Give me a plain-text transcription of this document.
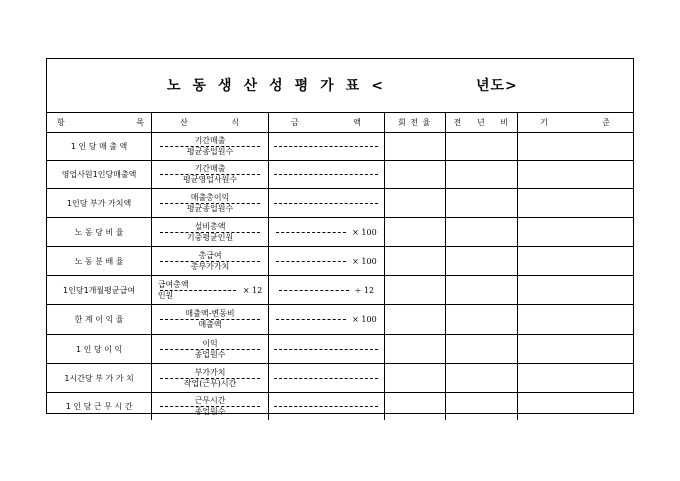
노동생산성평가표<	년도>
항 목	산 식	금 액	회 전 율	전 년 비	기 준

1 인 당 매 출 액	$\frac{\text{기간매출}}{\text{평균종업원수}}$

영업사원1인당매출액	$\frac{\text{기간매출}}{\text{평균영업사원수}}$

1인당 부가 가치액	$\frac{\text{매출총이익}}{\text{평균종업원수}}$

노 동 당 비 율	$\frac{\text{설비총액}}{\text{기중평균인원}}$	× 100			

노 동 분 배 율	$\frac{\text{총급여}}{\text{총부가가치}}$	× 100			

1인당1개월평균급여	$\frac{\text{급여총액}}{\text{인원}} \times 12$	÷ 12			

한 계 이 익 율	$\frac{\text{매출액-변동비}}{\text{매출액}}$	× 100			

1 인 당 이 익	$\frac{\text{이익}}{\text{종업원수}}$

1시간당 부 가 가 치	$\frac{\text{부가가치}}{\text{작업(근무)시간}}$

1 인 당 근 무 시 간	$\frac{\text{근무시간}}{\text{종업원수}}$
